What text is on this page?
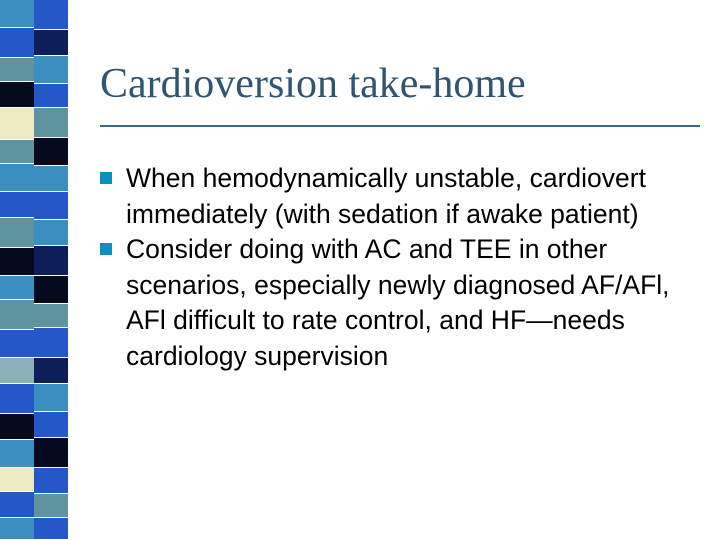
Cardioversion take-home
When hemodynamically unstable, cardiovert immediately (with sedation if awake patient)
Consider doing with AC and TEE in other scenarios, especially newly diagnosed AF/AFl, AFl difficult to rate control, and HF—needs cardiology supervision
